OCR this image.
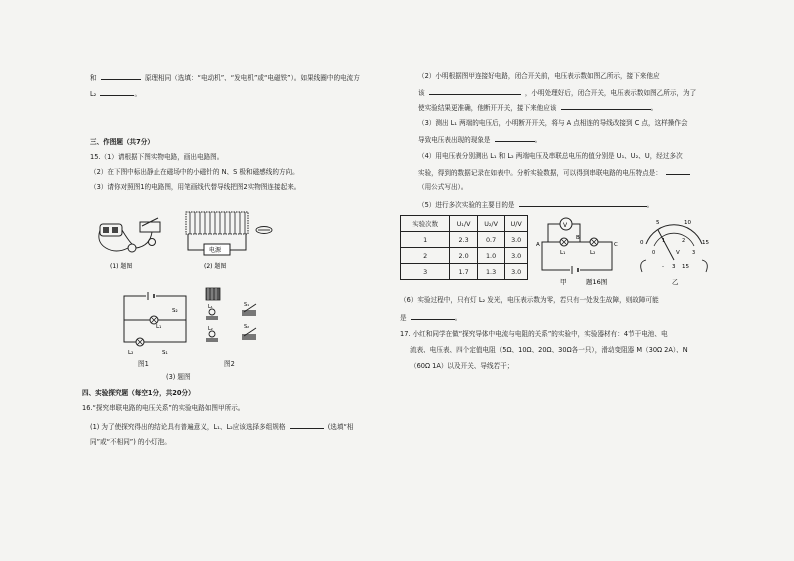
和	原理相同（选填：“电动机”、“发电机”或“电磁铁”）。如果线圈中的电流方
L₂	。
三、作图题（共7分）
15.（1）请根据下图实物电路，画出电路图。
（2）在下图中标出静止在磁场中的小磁针的 N、S 极和磁感线的方向。
（3）请你对照图1的电路图，用笔画线代替导线把图2实物图连接起来。
(1) 题图
电源
(2) 题图
L₁
S₂
L₂	S₁
图1
L₁
L₂
S₁
S₂
图2
(3) 题图
四、实验探究题（每空1分，共20分）
16.“探究串联电路的电压关系”的实验电路如图甲所示。
(1) 为了使探究得出的结论具有普遍意义，L₁、L₂应该选择多组规格	(选填“相
同”或“不相同”) 的小灯泡。
（2）小明根据图甲连接好电路，闭合开关前，电压表示数如图乙所示，接下来他应
该	，小明处理好后，闭合开关，电压表示数如图乙所示，为了
使实验结果更准确，他断开开关，接下来他应该	。
（3）测出 L₁ 两端的电压后，小明断开开关，将与 A 点相连的导线改接到 C 点，这样操作会
导致电压表出现的现象是	。
（4）用电压表分别测出 L₁ 和 L₂ 两端电压及串联总电压的值分别是 U₁、U₂、U，经过多次
实验，得到的数据记录在如表中。分析实验数据，可以得到串联电路的电压特点是：
（用公式写出）。
（5）进行多次实验的主要目的是	。
实验次数	U₁/V	U₂/V	U/V
1	2.3	0.7	3.0
2	2.0	1.0	3.0
3	1.7	1.3	3.0
V
A
B
C
L₁	L₂
甲	题16图
0
5	10
15
0
1	2
3
V
- 3 15
乙
（6）实验过程中，只有灯 L₂ 发光，电压表示数为零，若只有一处发生故障，则故障可能
是	。
17. 小红和同学在做“探究导体中电流与电阻的关系”的实验中，实验器材有：4节干电池、电
流表、电压表、四个定值电阻（5Ω、10Ω、20Ω、30Ω各一只），滑动变阻器 M（30Ω 2A）、N
（60Ω 1A）以及开关、导线若干；
